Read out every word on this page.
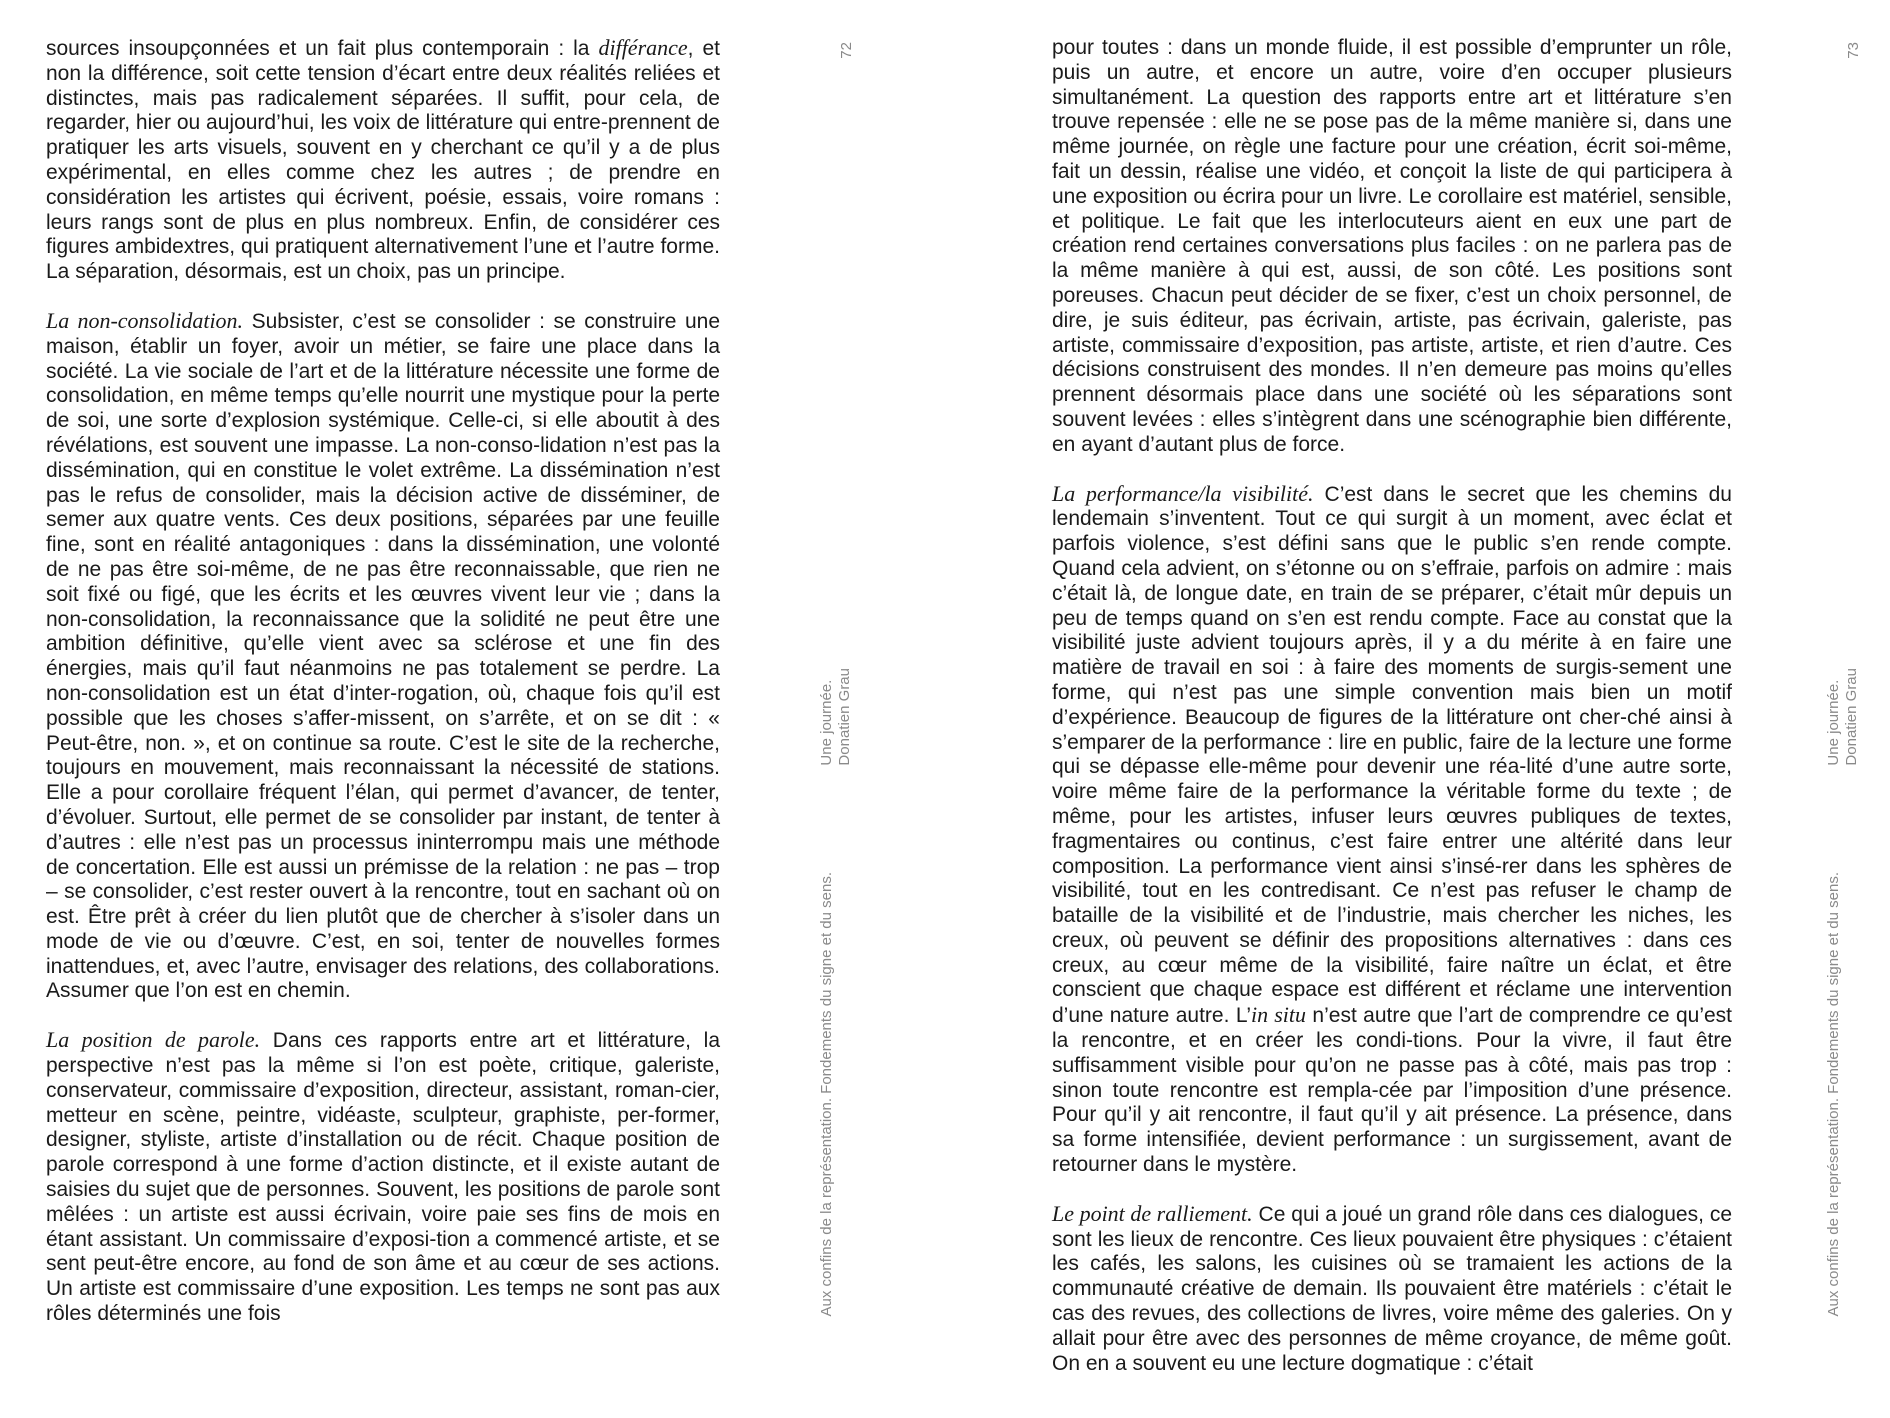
sources insoupçonnées et un fait plus contemporain : la différance, et non la différence, soit cette tension d’écart entre deux réalités reliées et distinctes, mais pas radicalement séparées. Il suffit, pour cela, de regarder, hier ou aujourd’hui, les voix de littérature qui entre-prennent de pratiquer les arts visuels, souvent en y cherchant ce qu’il y a de plus expérimental, en elles comme chez les autres ; de prendre en considération les artistes qui écrivent, poésie, essais, voire romans : leurs rangs sont de plus en plus nombreux. Enfin, de considérer ces figures ambidextres, qui pratiquent alternativement l’une et l’autre forme. La séparation, désormais, est un choix, pas un principe.

La non-consolidation. Subsister, c’est se consolider : se construire une maison, établir un foyer, avoir un métier, se faire une place dans la société. La vie sociale de l’art et de la littérature nécessite une forme de consolidation, en même temps qu’elle nourrit une mystique pour la perte de soi, une sorte d’explosion systémique. Celle-ci, si elle aboutit à des révélations, est souvent une impasse. La non-conso-lidation n’est pas la dissémination, qui en constitue le volet extrême. La dissémination n’est pas le refus de consolider, mais la décision active de disséminer, de semer aux quatre vents. Ces deux positions, séparées par une feuille fine, sont en réalité antagoniques : dans la dissémination, une volonté de ne pas être soi-même, de ne pas être reconnaissable, que rien ne soit fixé ou figé, que les écrits et les œuvres vivent leur vie ; dans la non-consolidation, la reconnaissance que la solidité ne peut être une ambition définitive, qu’elle vient avec sa sclérose et une fin des énergies, mais qu’il faut néanmoins ne pas totalement se perdre. La non-consolidation est un état d’inter-rogation, où, chaque fois qu’il est possible que les choses s’affer-missent, on s’arrête, et on se dit : « Peut-être, non. », et on continue sa route. C’est le site de la recherche, toujours en mouvement, mais reconnaissant la nécessité de stations. Elle a pour corollaire fréquent l’élan, qui permet d’avancer, de tenter, d’évoluer. Surtout, elle permet de se consolider par instant, de tenter à d’autres : elle n’est pas un processus ininterrompu mais une méthode de concertation. Elle est aussi un prémisse de la relation : ne pas – trop – se consolider, c’est rester ouvert à la rencontre, tout en sachant où on est. Être prêt à créer du lien plutôt que de chercher à s’isoler dans un mode de vie ou d’œuvre. C’est, en soi, tenter de nouvelles formes inattendues, et, avec l’autre, envisager des relations, des collaborations. Assumer que l’on est en chemin.

La position de parole. Dans ces rapports entre art et littérature, la perspective n’est pas la même si l’on est poète, critique, galeriste, conservateur, commissaire d’exposition, directeur, assistant, roman-cier, metteur en scène, peintre, vidéaste, sculpteur, graphiste, per-former, designer, styliste, artiste d’installation ou de récit. Chaque position de parole correspond à une forme d’action distincte, et il existe autant de saisies du sujet que de personnes. Souvent, les positions de parole sont mêlées : un artiste est aussi écrivain, voire paie ses fins de mois en étant assistant. Un commissaire d’exposi-tion a commencé artiste, et se sent peut-être encore, au fond de son âme et au cœur de ses actions. Un artiste est commissaire d’une exposition. Les temps ne sont pas aux rôles déterminés une fois

72
Une journée.
Donatien Grau
Aux confins de la représentation. Fondements du signe et du sens.

pour toutes : dans un monde fluide, il est possible d’emprunter un rôle, puis un autre, et encore un autre, voire d’en occuper plusieurs simultanément. La question des rapports entre art et littérature s’en trouve repensée : elle ne se pose pas de la même manière si, dans une même journée, on règle une facture pour une création, écrit soi-même, fait un dessin, réalise une vidéo, et conçoit la liste de qui participera à une exposition ou écrira pour un livre. Le corollaire est matériel, sensible, et politique. Le fait que les interlocuteurs aient en eux une part de création rend certaines conversations plus faciles : on ne parlera pas de la même manière à qui est, aussi, de son côté. Les positions sont poreuses. Chacun peut décider de se fixer, c’est un choix personnel, de dire, je suis éditeur, pas écrivain, artiste, pas écrivain, galeriste, pas artiste, commissaire d’exposition, pas artiste, artiste, et rien d’autre. Ces décisions construisent des mondes. Il n’en demeure pas moins qu’elles prennent désormais place dans une société où les séparations sont souvent levées : elles s’intègrent dans une scénographie bien différente, en ayant d’autant plus de force.

La performance/la visibilité. C’est dans le secret que les chemins du lendemain s’inventent. Tout ce qui surgit à un moment, avec éclat et parfois violence, s’est défini sans que le public s’en rende compte. Quand cela advient, on s’étonne ou on s’effraie, parfois on admire : mais c’était là, de longue date, en train de se préparer, c’était mûr depuis un peu de temps quand on s’en est rendu compte. Face au constat que la visibilité juste advient toujours après, il y a du mérite à en faire une matière de travail en soi : à faire des moments de surgis-sement une forme, qui n’est pas une simple convention mais bien un motif d’expérience. Beaucoup de figures de la littérature ont cher-ché ainsi à s’emparer de la performance : lire en public, faire de la lecture une forme qui se dépasse elle-même pour devenir une réa-lité d’une autre sorte, voire même faire de la performance la véritable forme du texte ; de même, pour les artistes, infuser leurs œuvres publiques de textes, fragmentaires ou continus, c’est faire entrer une altérité dans leur composition. La performance vient ainsi s’insé-rer dans les sphères de visibilité, tout en les contredisant. Ce n’est pas refuser le champ de bataille de la visibilité et de l’industrie, mais chercher les niches, les creux, où peuvent se définir des propositions alternatives : dans ces creux, au cœur même de la visibilité, faire naître un éclat, et être conscient que chaque espace est différent et réclame une intervention d’une nature autre. L’in situ n’est autre que l’art de comprendre ce qu’est la rencontre, et en créer les condi-tions. Pour la vivre, il faut être suffisamment visible pour qu’on ne passe pas à côté, mais pas trop : sinon toute rencontre est rempla-cée par l’imposition d’une présence. Pour qu’il y ait rencontre, il faut qu’il y ait présence. La présence, dans sa forme intensifiée, devient performance : un surgissement, avant de retourner dans le mystère.

Le point de ralliement. Ce qui a joué un grand rôle dans ces dialogues, ce sont les lieux de rencontre. Ces lieux pouvaient être physiques : c’étaient les cafés, les salons, les cuisines où se tramaient les actions de la communauté créative de demain. Ils pouvaient être matériels : c’était le cas des revues, des collections de livres, voire même des galeries. On y allait pour être avec des personnes de même croyance, de même goût. On en a souvent eu une lecture dogmatique : c’était

73
Une journée.
Donatien Grau
Aux confins de la représentation. Fondements du signe et du sens.
